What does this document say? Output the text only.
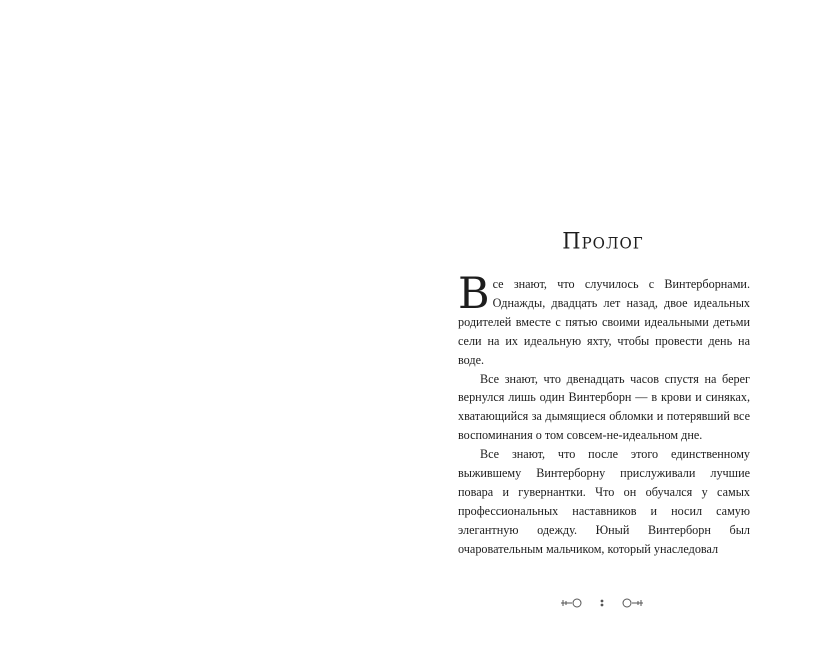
Пролог

Все знают, что случилось с Винтерборнами. Однажды, двадцать лет назад, двое идеальных родителей вместе с пятью своими идеальными детьми сели на их идеальную яхту, чтобы провести день на воде.

Все знают, что двенадцать часов спустя на берег вернулся лишь один Винтерборн — в крови и синяках, хватающийся за дымящиеся обломки и потерявший все воспоминания о том совсем-не-идеальном дне.

Все знают, что после этого единственному выжившему Винтерборну прислуживали лучшие повара и гувернантки. Что он обучался у самых профессиональных наставников и носил самую элегантную одежду. Юный Винтерборн был очаровательным мальчиком, который унаследовал
